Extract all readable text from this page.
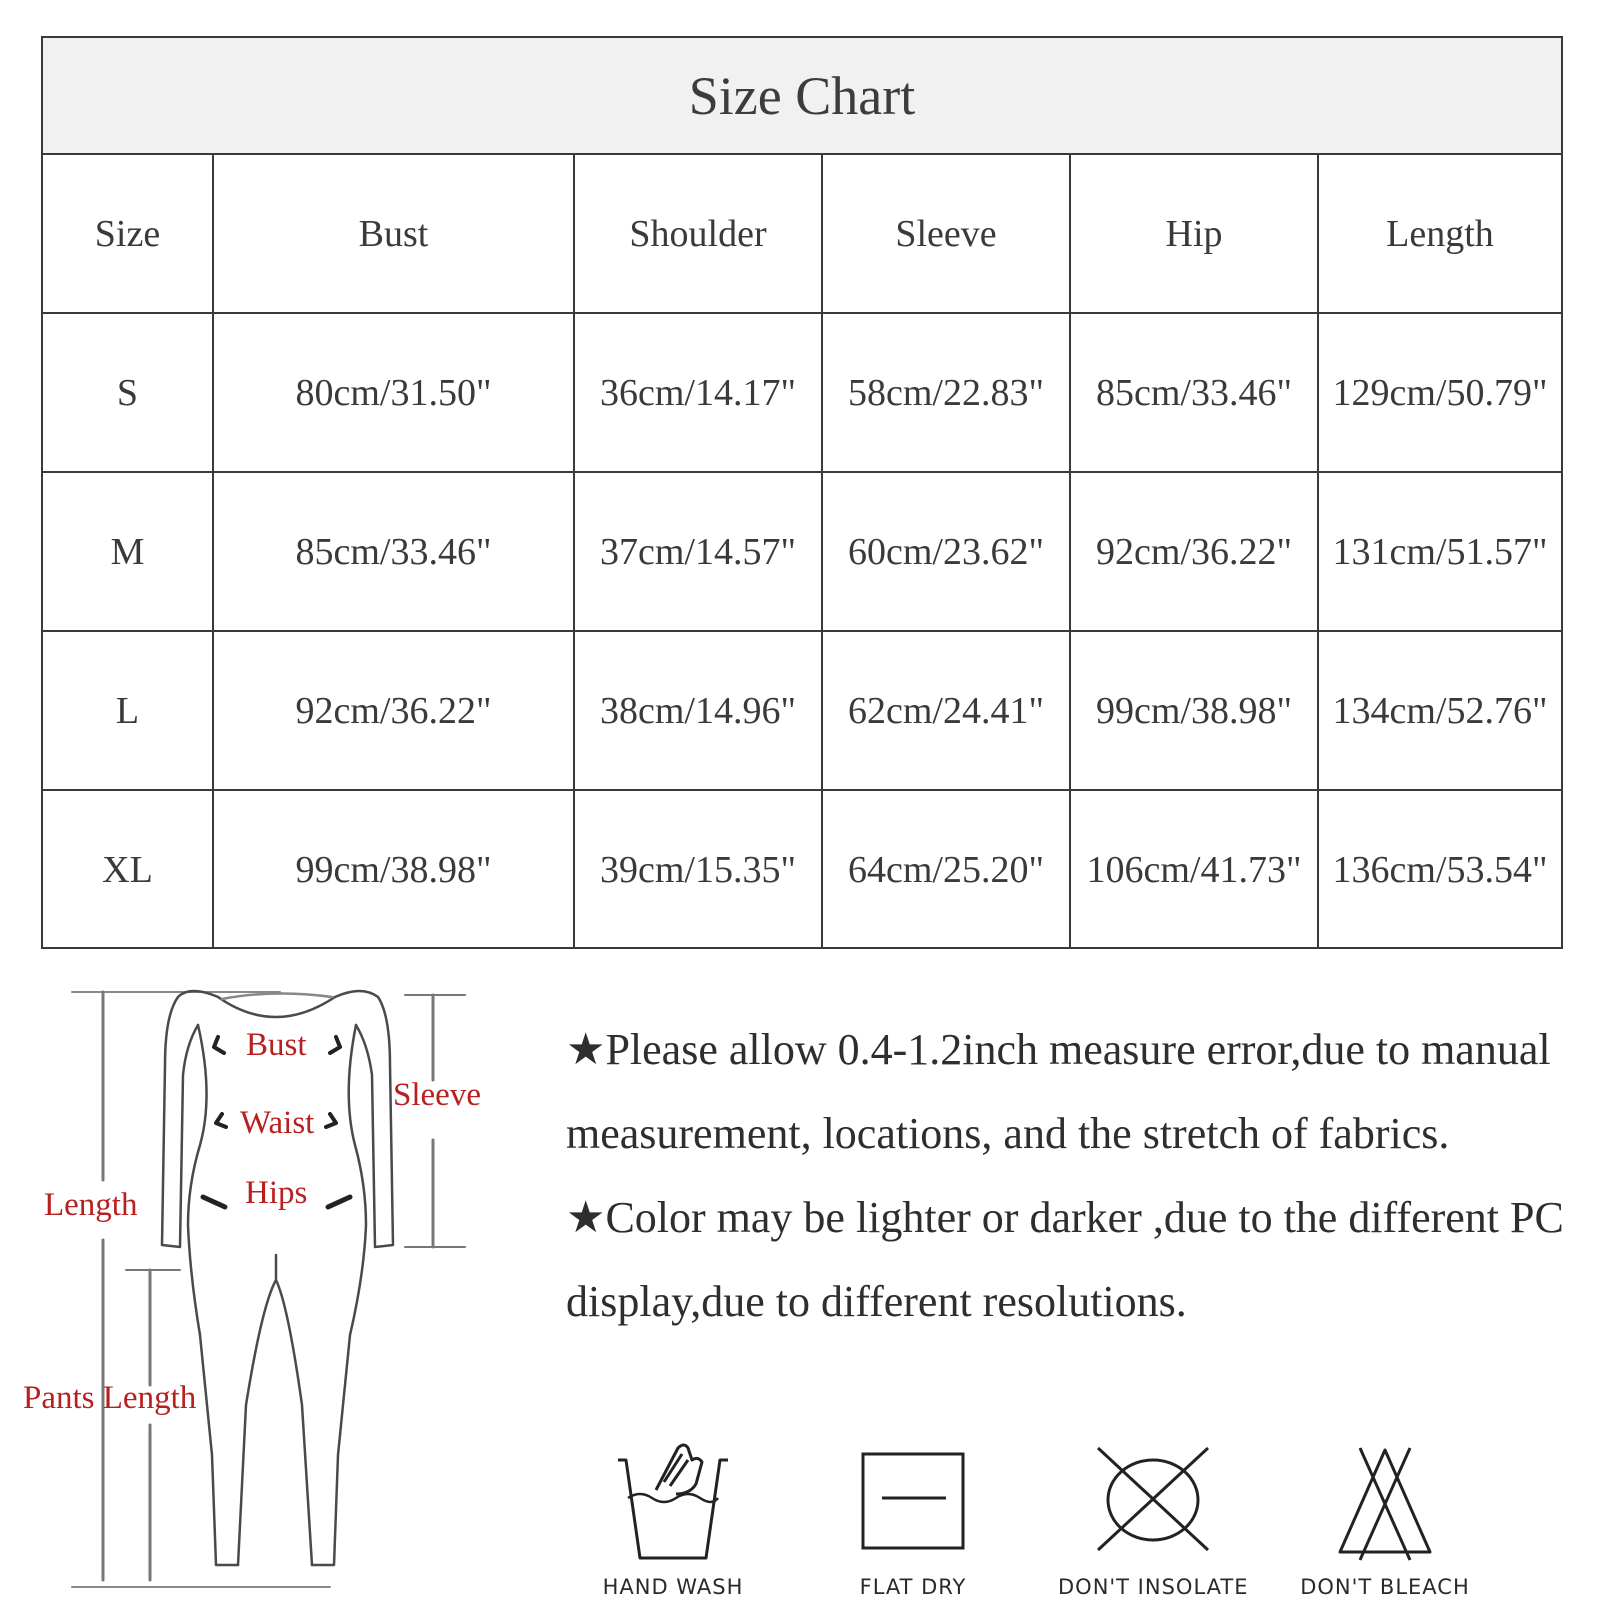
Size Chart
Size	Bust	Shoulder	Sleeve	Hip	Length
S	80cm/31.50"	36cm/14.17"	58cm/22.83"	85cm/33.46"	129cm/50.79"
M	85cm/33.46"	37cm/14.57"	60cm/23.62"	92cm/36.22"	131cm/51.57"
L	92cm/36.22"	38cm/14.96"	62cm/24.41"	99cm/38.98"	134cm/52.76"
XL	99cm/38.98"	39cm/15.35"	64cm/25.20"	106cm/41.73"	136cm/53.54"
Bust
Waist
Hips
Sleeve
Length
Pants Length

★Please allow 0.4-1.2inch measure error,due to manual measurement, locations, and the stretch of fabrics.

★Color may be lighter or darker ,due to the different PC display,due to different resolutions.

HAND WASH	FLAT DRY	DON'T INSOLATE	DON'T BLEACH
